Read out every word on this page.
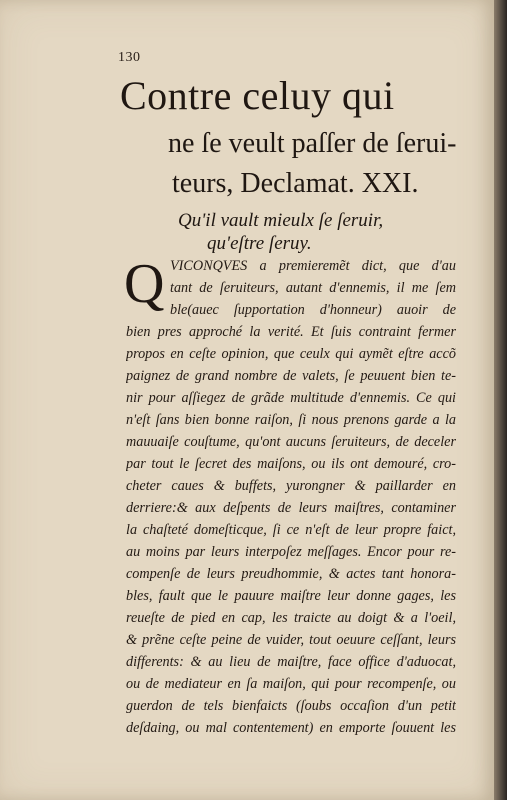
130
Contre celuy qui
ne ſe veult paſſer de ſerui-
teurs, Declamat. XXI.
Qu'il vault mieulx ſe ſeruir,
qu'eſtre ſeruy.
Q VICONQVES a premieremẽt dict, que d'au
tant de ſeruiteurs, autant d'ennemis, il me ſem
ble(auec ſupportation d'honneur) auoir de
bien pres approché la verité. Et ſuis contraint fermer
propos en ceſte opinion, que ceulx qui aymẽt eſtre accõ
paignez de grand nombre de valets, ſe peuuent bien te-
nir pour aſſiegez de grãde multitude d'ennemis. Ce qui
n'eſt ſans bien bonne raiſon, ſi nous prenons garde a la
mauuaiſe couſtume, qu'ont aucuns ſeruiteurs, de deceler
par tout le ſecret des maiſons, ou ils ont demouré, cro-
cheter caues & buffets, yurongner & paillarder en
derriere:& aux deſpents de leurs maiſtres, contaminer
la chaſteté domeſticque, ſi ce n'eſt de leur propre faict,
au moins par leurs interpoſez meſſages. Encor pour re-
compenſe de leurs preudhommie, & actes tant honora-
bles, fault que le pauure maiſtre leur donne gages, les
reueſte de pied en cap, les traicte au doigt & a l'oeil,
& prẽne ceſte peine de vuider, tout oeuure ceſſant, leurs
differents: & au lieu de maiſtre, face office d'aduocat,
ou de mediateur en ſa maiſon, qui pour recompenſe, ou
guerdon de tels bienfaicts (ſoubs occaſion d'un petit
deſdaing, ou mal contentement) en emporte ſouuent les
